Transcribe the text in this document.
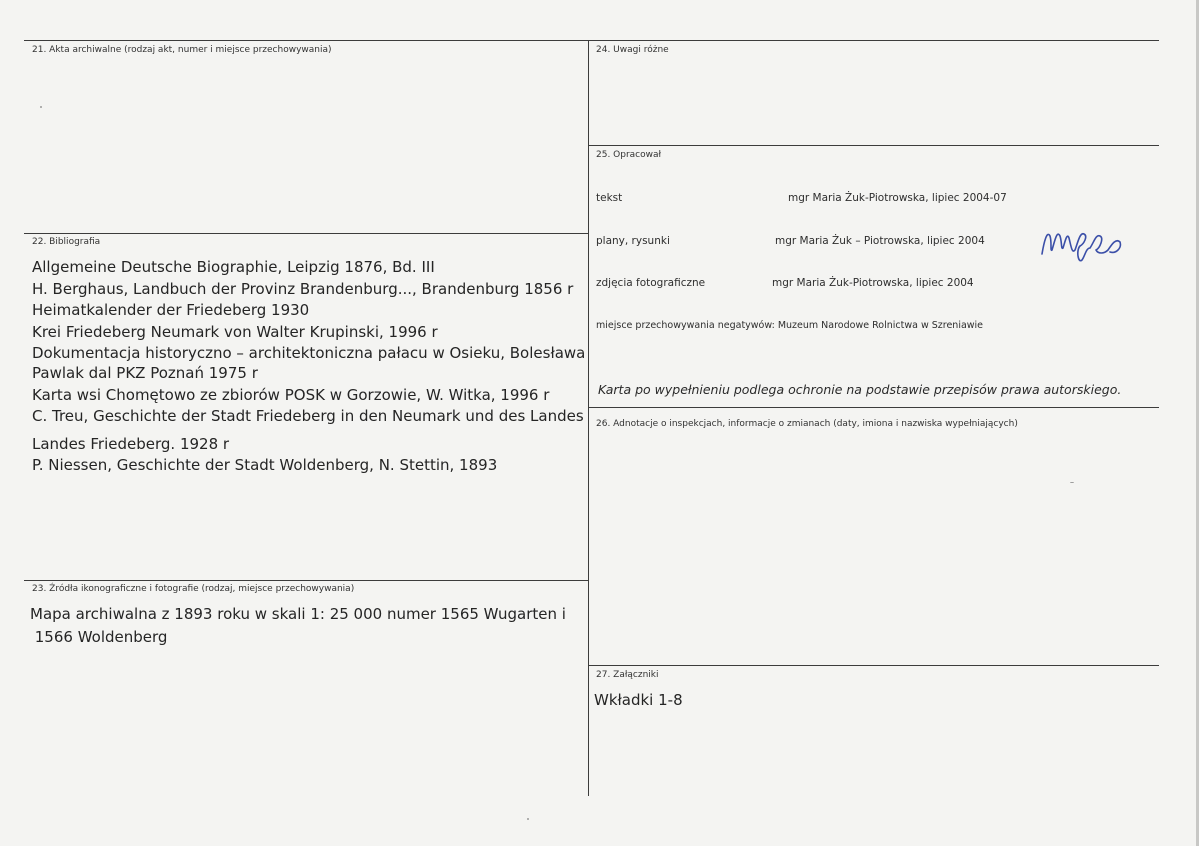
21. Akta archiwalne (rodzaj akt, numer i miejsce przechowywania)
22. Bibliografia
Allgemeine Deutsche Biographie, Leipzig 1876, Bd. III
H. Berghaus, Landbuch der Provinz Brandenburg..., Brandenburg 1856 r
Heimatkalender der Friedeberg 1930
Krei Friedeberg Neumark von Walter Krupinski, 1996 r
Dokumentacja historyczno – architektoniczna pałacu w Osieku, Bolesława
Pawlak dal PKZ Poznań 1975 r
Karta wsi Chomętowo ze zbiorów POSK w Gorzowie, W. Witka, 1996 r
C. Treu, Geschichte der Stadt Friedeberg in den Neumark und des Landes
Landes Friedeberg. 1928 r
P. Niessen, Geschichte der Stadt Woldenberg, N. Stettin, 1893
23. Źródła ikonograficzne i fotografie (rodzaj, miejsce przechowywania)
Mapa archiwalna z 1893 roku w skali 1: 25 000 numer 1565 Wugarten i
1566 Woldenberg
24. Uwagi różne
25. Opracował
tekst	mgr Maria Żuk-Piotrowska, lipiec 2004-07
plany, rysunki	mgr Maria Żuk – Piotrowska, lipiec 2004
zdjęcia fotograficzne	mgr Maria Żuk-Piotrowska, lipiec 2004
miejsce przechowywania negatywów: Muzeum Narodowe Rolnictwa w Szreniawie
Karta po wypełnieniu podlega ochronie na podstawie przepisów prawa autorskiego.
26. Adnotacje o inspekcjach, informacje o zmianach (daty, imiona i nazwiska wypełniających)
27. Załączniki
Wkładki 1-8
